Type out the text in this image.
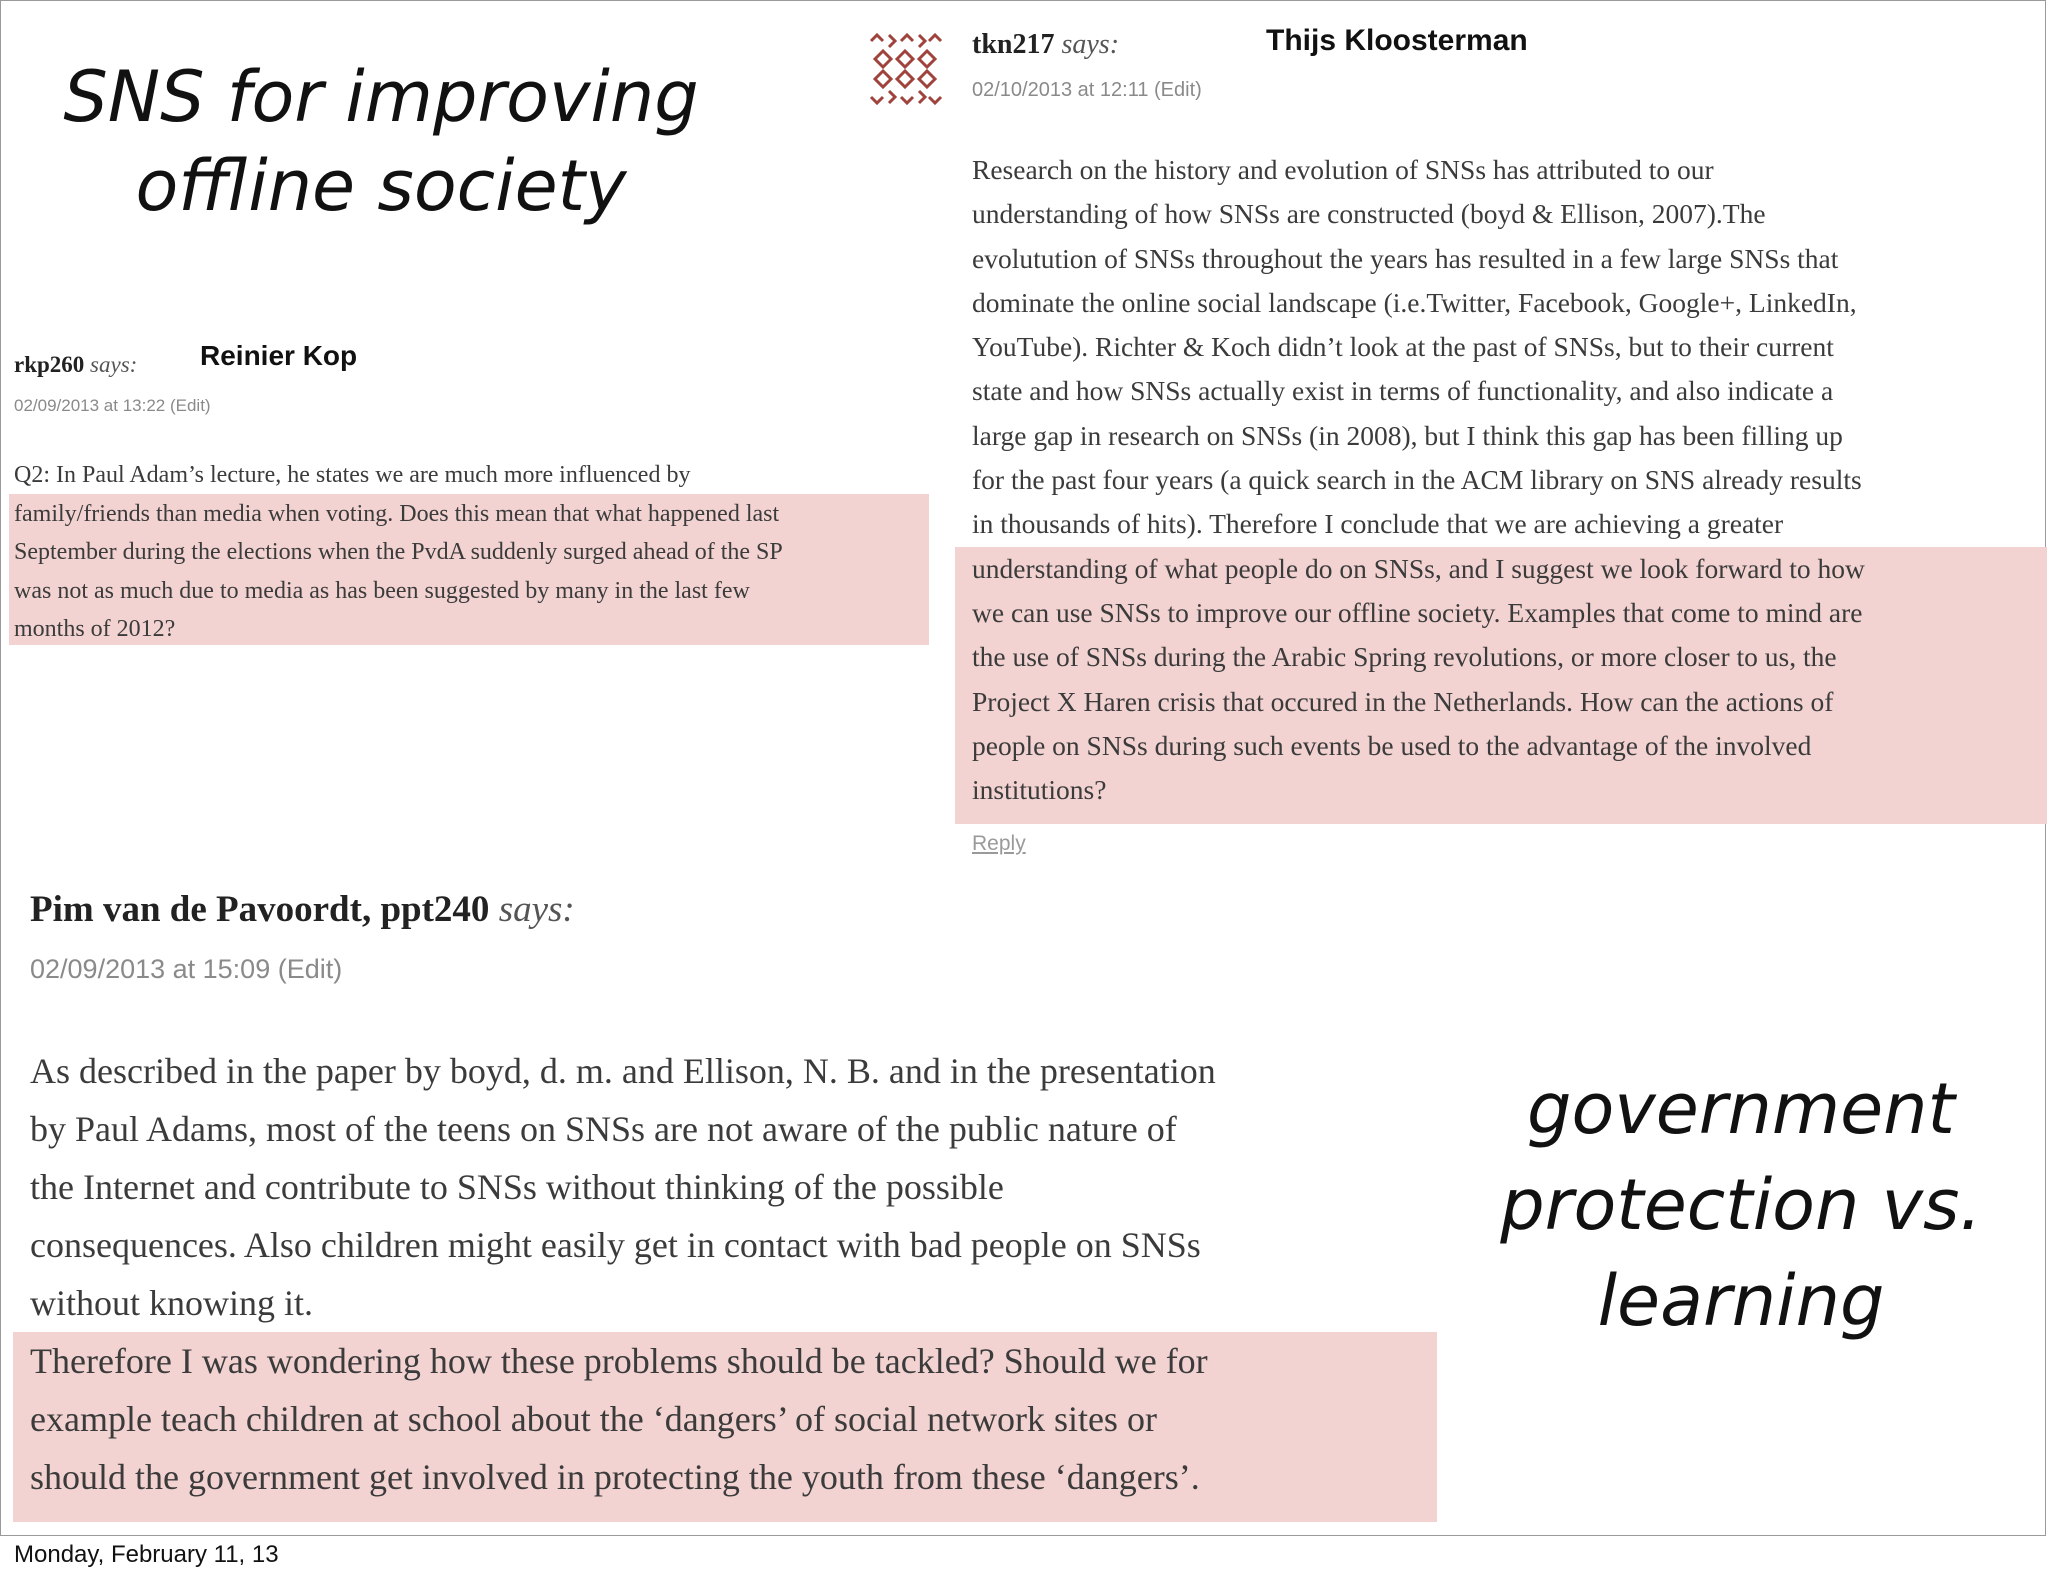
SNS for improving
offline society
rkp260 says: Reinier Kop
02/09/2013 at 13:22 (Edit)
Q2: In Paul Adam’s lecture, he states we are much more influenced by
family/friends than media when voting. Does this mean that what happened last
September during the elections when the PvdA suddenly surged ahead of the SP
was not as much due to media as has been suggested by many in the last few
months of 2012?
tkn217 says:	Thijs Kloosterman
02/10/2013 at 12:11 (Edit)
Research on the history and evolution of SNSs has attributed to our
understanding of how SNSs are constructed (boyd & Ellison, 2007).The
evolutution of SNSs throughout the years has resulted in a few large SNSs that
dominate the online social landscape (i.e.Twitter, Facebook, Google+, LinkedIn,
YouTube). Richter & Koch didn’t look at the past of SNSs, but to their current
state and how SNSs actually exist in terms of functionality, and also indicate a
large gap in research on SNSs (in 2008), but I think this gap has been filling up
for the past four years (a quick search in the ACM library on SNS already results
in thousands of hits). Therefore I conclude that we are achieving a greater
understanding of what people do on SNSs, and I suggest we look forward to how
we can use SNSs to improve our offline society. Examples that come to mind are
the use of SNSs during the Arabic Spring revolutions, or more closer to us, the
Project X Haren crisis that occured in the Netherlands. How can the actions of
people on SNSs during such events be used to the advantage of the involved
institutions?
Reply
Pim van de Pavoordt, ppt240 says:
02/09/2013 at 15:09 (Edit)
As described in the paper by boyd, d. m. and Ellison, N. B. and in the presentation
by Paul Adams, most of the teens on SNSs are not aware of the public nature of
the Internet and contribute to SNSs without thinking of the possible
consequences. Also children might easily get in contact with bad people on SNSs
without knowing it.
Therefore I was wondering how these problems should be tackled? Should we for
example teach children at school about the ‘dangers’ of social network sites or
should the government get involved in protecting the youth from these ‘dangers’.
government
protection vs.
learning
Monday, February 11, 13
